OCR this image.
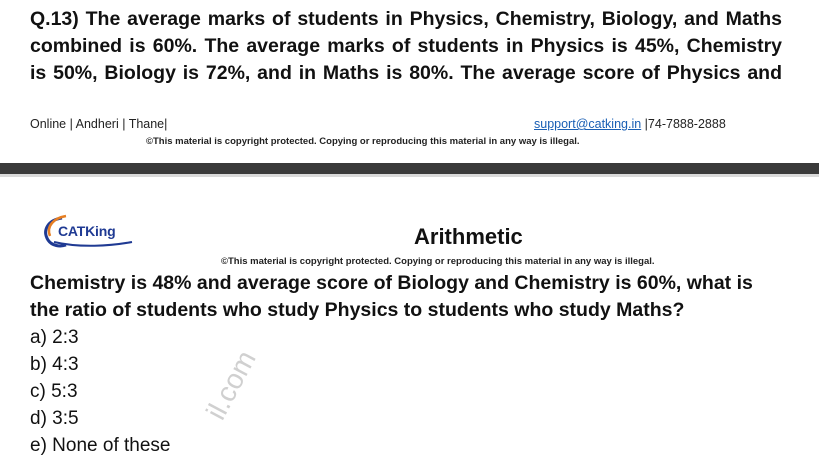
Q.13) The average marks of students in Physics, Chemistry, Biology, and Maths combined is 60%. The average marks of students in Physics is 45%, Chemistry is 50%, Biology is 72%, and in Maths is 80%. The average score of Physics and

Online | Andheri | Thane|	support@catking.in |74-7888-2888
©This material is copyright protected. Copying or reproducing this material in any way is illegal.
CATKing	Arithmetic
©This material is copyright protected. Copying or reproducing this material in any way is illegal.

Chemistry is 48% and average score of Biology and Chemistry is 60%, what is the ratio of students who study Physics to students who study Maths?

a) 2:3
b) 4:3
c) 5:3
d) 3:5
e) None of these
il.com
